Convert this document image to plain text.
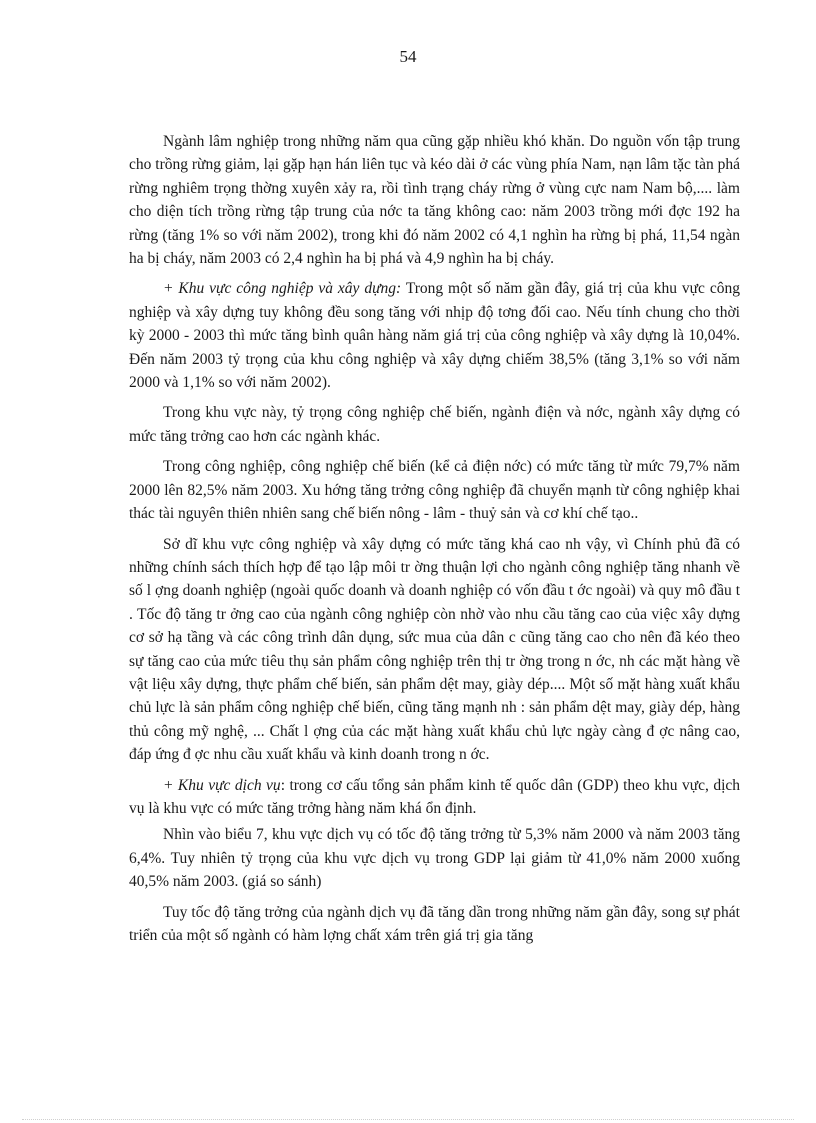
54

Ngành lâm nghiệp trong những năm qua cũng gặp nhiều khó khăn. Do nguồn vốn tập trung cho trồng rừng giảm, lại gặp hạn hán liên tục và kéo dài ở các vùng phía Nam, nạn lâm tặc tàn phá rừng nghiêm trọng thờng xuyên xảy ra, rồi tình trạng cháy rừng ở vùng cực nam Nam bộ,.... làm cho diện tích trồng rừng tập trung của nớc ta tăng không cao: năm 2003 trồng mới đợc 192 ha rừng (tăng 1% so với năm 2002), trong khi đó năm 2002 có 4,1 nghìn ha rừng bị phá, 11,54 ngàn ha bị cháy, năm 2003 có 2,4 nghìn ha bị phá và 4,9 nghìn ha bị cháy.

+ Khu vực công nghiệp và xây dựng: Trong một số năm gần đây, giá trị của khu vực công nghiệp và xây dựng tuy không đều song tăng với nhịp độ tơng đối cao. Nếu tính chung cho thời kỳ 2000 - 2003 thì mức tăng bình quân hàng năm giá trị của công nghiệp và xây dựng là 10,04%. Đến năm 2003 tỷ trọng của khu công nghiệp và xây dựng chiếm 38,5% (tăng 3,1% so với năm 2000 và 1,1% so với năm 2002).

Trong khu vực này, tỷ trọng công nghiệp chế biến, ngành điện và nớc, ngành xây dựng có mức tăng trởng cao hơn các ngành khác.

Trong công nghiệp, công nghiệp chế biến (kể cả điện nớc) có mức tăng từ mức 79,7% năm 2000 lên 82,5% năm 2003. Xu hớng tăng trởng công nghiệp đã chuyển mạnh từ công nghiệp khai thác tài nguyên thiên nhiên sang chế biến nông - lâm - thuỷ sản và cơ khí chế tạo..

Sở dĩ khu vực công nghiệp và xây dựng có mức tăng khá cao nh vậy, vì Chính phủ đã có những chính sách thích hợp để tạo lập môi tr ờng thuận lợi cho ngành công nghiệp tăng nhanh về số l ợng doanh nghiệp (ngoài quốc doanh và doanh nghiệp có vốn đầu t ớc ngoài) và quy mô đầu t . Tốc độ tăng tr ởng cao của ngành công nghiệp còn nhờ vào nhu cầu tăng cao của việc xây dựng cơ sở hạ tầng và các công trình dân dụng, sức mua của dân c cũng tăng cao cho nên đã kéo theo sự tăng cao của mức tiêu thụ sản phẩm công nghiệp trên thị tr ờng trong n ớc, nh các mặt hàng về vật liệu xây dựng, thực phẩm chế biến, sản phẩm dệt may, giày dép.... Một số mặt hàng xuất khẩu chủ lực là sản phẩm công nghiệp chế biến, cũng tăng mạnh nh : sản phẩm dệt may, giày dép, hàng thủ công mỹ nghệ, ... Chất l ợng của các mặt hàng xuất khẩu chủ lực ngày càng đ ợc nâng cao, đáp ứng đ ợc nhu cầu xuất khẩu và kinh doanh trong n ớc.

+ Khu vực dịch vụ: trong cơ cấu tổng sản phẩm kinh tế quốc dân (GDP) theo khu vực, dịch vụ là khu vực có mức tăng trởng hàng năm khá ổn định.

Nhìn vào biểu 7, khu vực dịch vụ có tốc độ tăng trởng từ 5,3% năm 2000 và năm 2003 tăng 6,4%. Tuy nhiên tỷ trọng của khu vực dịch vụ trong GDP lại giảm từ 41,0% năm 2000 xuống 40,5% năm 2003. (giá so sánh)

Tuy tốc độ tăng trởng của ngành dịch vụ đã tăng dần trong những năm gần đây, song sự phát triển của một số ngành có hàm lợng chất xám trên giá trị gia tăng
